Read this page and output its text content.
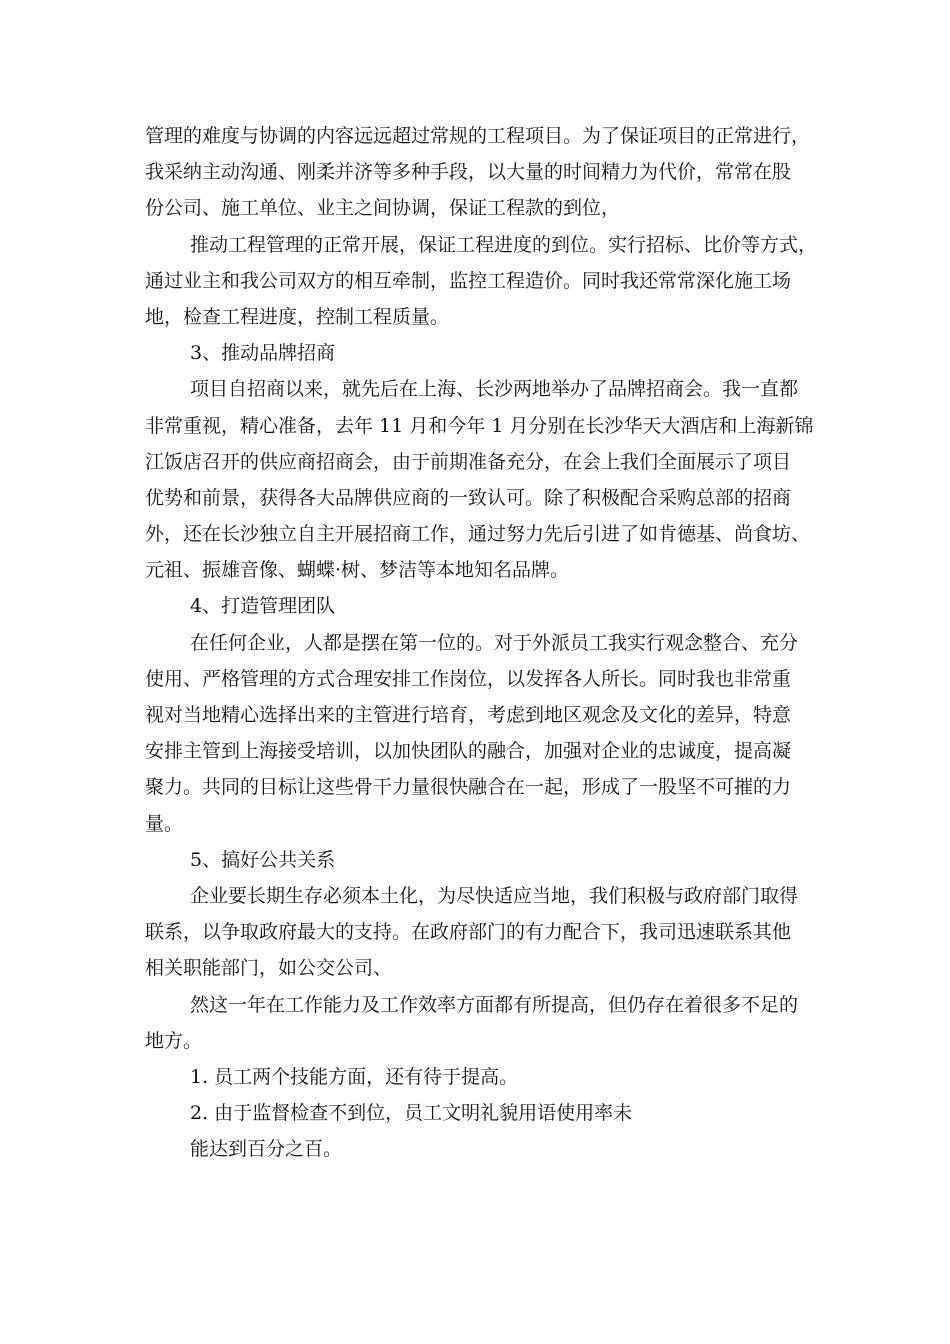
管理的难度与协调的内容远远超过常规的工程项目。为了保证项目的正常进行，
我采纳主动沟通、刚柔并济等多种手段，以大量的时间精力为代价，常常在股
份公司、施工单位、业主之间协调，保证工程款的到位，
推动工程管理的正常开展，保证工程进度的到位。实行招标、比价等方式，
通过业主和我公司双方的相互牵制，监控工程造价。同时我还常常深化施工场
地，检查工程进度，控制工程质量。
3、推动品牌招商
项目自招商以来，就先后在上海、长沙两地举办了品牌招商会。我一直都
非常重视，精心准备，去年 11 月和今年 1 月分别在长沙华天大酒店和上海新锦
江饭店召开的供应商招商会，由于前期准备充分，在会上我们全面展示了项目
优势和前景，获得各大品牌供应商的一致认可。除了积极配合采购总部的招商
外，还在长沙独立自主开展招商工作，通过努力先后引进了如肯德基、尚食坊、
元祖、振雄音像、蝴蝶·树、梦洁等本地知名品牌。
4、打造管理团队
在任何企业，人都是摆在第一位的。对于外派员工我实行观念整合、充分
使用、严格管理的方式合理安排工作岗位，以发挥各人所长。同时我也非常重
视对当地精心选择出来的主管进行培育，考虑到地区观念及文化的差异，特意
安排主管到上海接受培训，以加快团队的融合，加强对企业的忠诚度，提高凝
聚力。共同的目标让这些骨干力量很快融合在一起，形成了一股坚不可摧的力
量。
5、搞好公共关系
企业要长期生存必须本土化，为尽快适应当地，我们积极与政府部门取得
联系，以争取政府最大的支持。在政府部门的有力配合下，我司迅速联系其他
相关职能部门，如公交公司、
然这一年在工作能力及工作效率方面都有所提高，但仍存在着很多不足的
地方。
1. 员工两个技能方面，还有待于提高。
2. 由于监督检查不到位，员工文明礼貌用语使用率未
能达到百分之百。
